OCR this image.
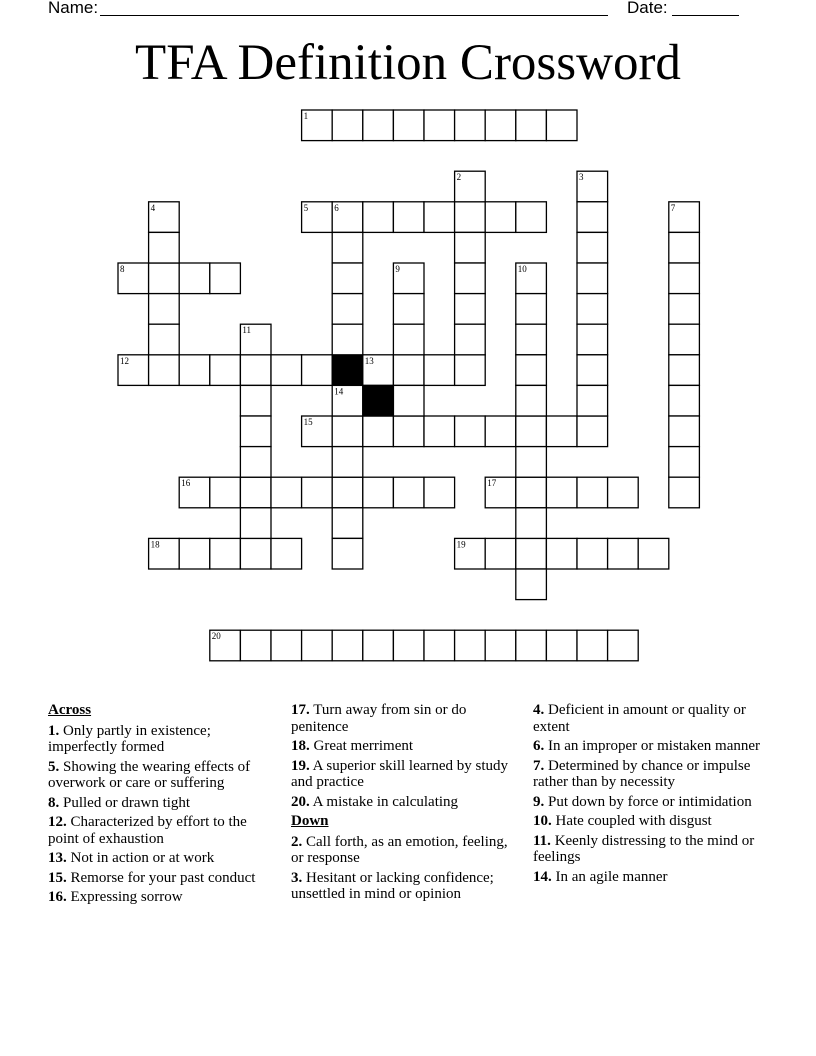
Name:	Date:
TFA Definition Crossword
1
2	3
4	5	6	7
8	9	10
11
12	13
14
15
16	17
18	19
20
Across
1. Only partly in existence; imperfectly formed
5. Showing the wearing effects of overwork or care or suffering
8. Pulled or drawn tight
12. Characterized by effort to the point of exhaustion
13. Not in action or at work
15. Remorse for your past conduct
16. Expressing sorrow
17. Turn away from sin or do penitence
18. Great merriment
19. A superior skill learned by study and practice
20. A mistake in calculating
Down
2. Call forth, as an emotion, feeling, or response
3. Hesitant or lacking confidence; unsettled in mind or opinion
4. Deficient in amount or quality or extent
6. In an improper or mistaken manner
7. Determined by chance or impulse rather than by necessity
9. Put down by force or intimidation
10. Hate coupled with disgust
11. Keenly distressing to the mind or feelings
14. In an agile manner
